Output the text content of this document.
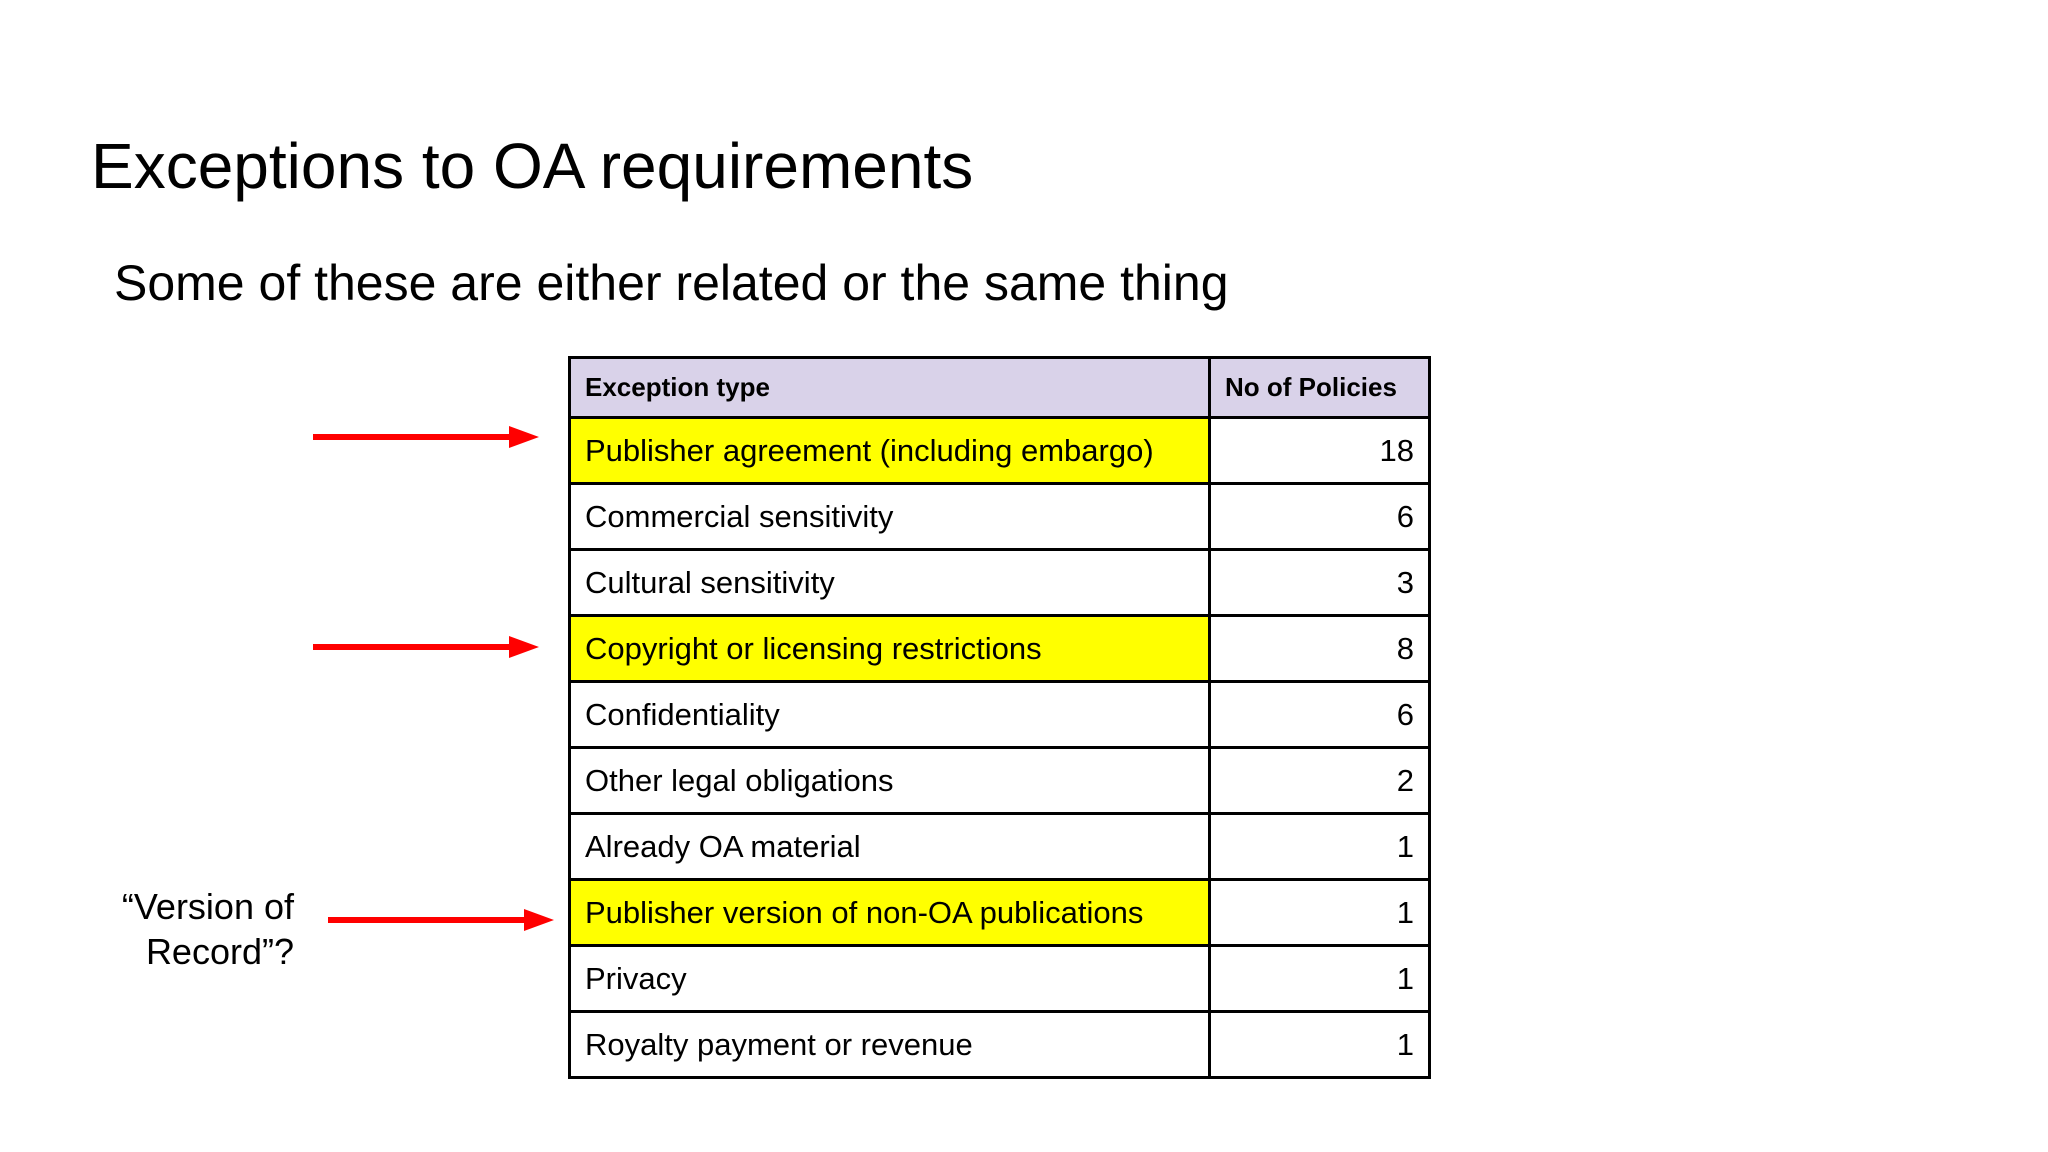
Exceptions to OA requirements
Some of these are either related or the same thing
Exception type	No of Policies
Publisher agreement (including embargo)	18
Commercial sensitivity	6
Cultural sensitivity	3
Copyright or licensing restrictions	8
Confidentiality	6
Other legal obligations	2
Already OA material	1
Publisher version of non-OA publications	1
Privacy	1
Royalty payment or revenue	1
“Version of Record”?
